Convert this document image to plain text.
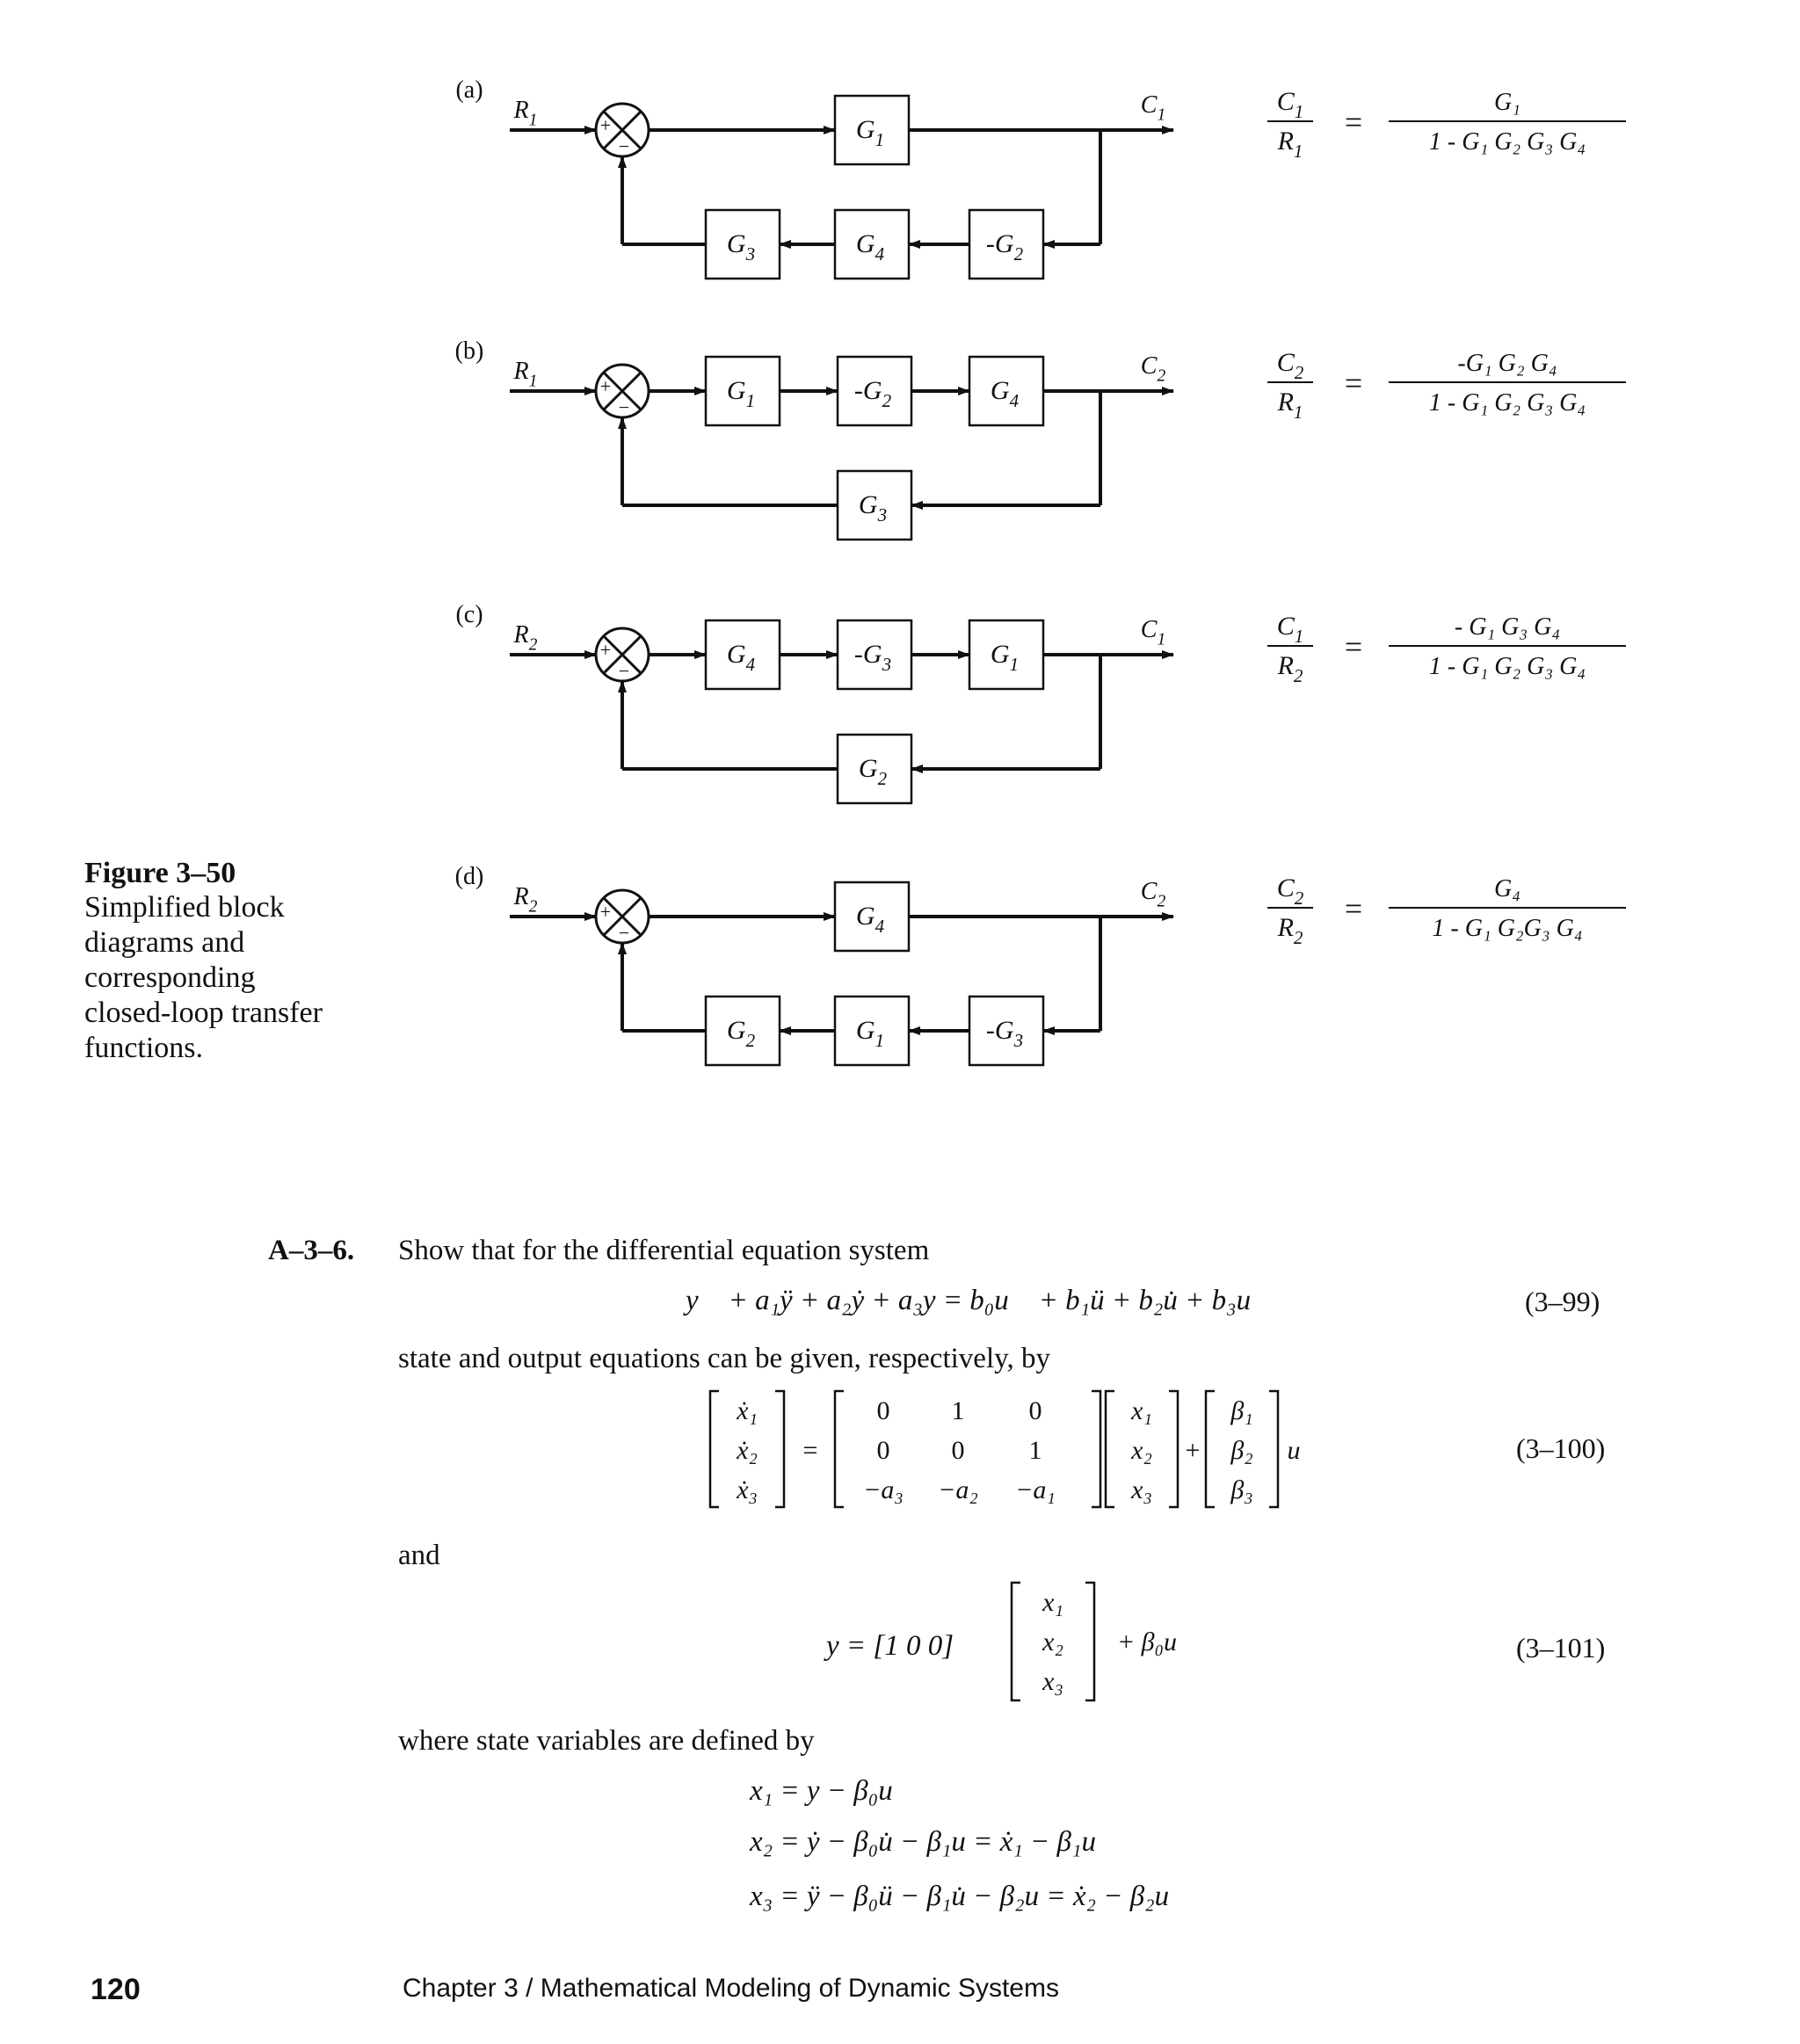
(a)
$R_1$	+
−
$G_1$
$C_1$
$-G_2$
$G_4$
$G_3$
$C_1$
$R_1$
=
G₁
1 - G₁ G₂ G₃ G₄
(b)
$R_1$	+
−
$G_1$	$-G_2$	$G_4$
$C_2$
$G_3$
$C_2$
$R_1$
=
-G₁ G₂ G₄
1 - G₁ G₂ G₃ G₄
(c)
$R_2$	+
−
$G_4$	$-G_3$	$G_1$
$C_1$
$G_2$
$C_1$
$R_2$
=
- G₁ G₃ G₄
1 - G₁ G₂ G₃ G₄
(d)
$R_2$	+
−
$G_4$
$C_2$
$-G_3$
$G_1$
$G_2$
$C_2$
$R_2$
=
G₄
1 - G₁ G₂G₃ G₄
Figure 3–50
Simplified block
diagrams and
corresponding
closed-loop transfer
functions.
A–3–6. Show that for the differential equation system
y⃛ + a₁ÿ + a₂ẏ + a₃y = b₀u⃛ + b₁ü + b₂u̇ + b₃u	(3–99)
state and output equations can be given, respectively, by
ẋ₁
ẋ₂
ẋ₃
=
0 1 0
0 0 1
−a₃ −a₂ −a₁
x₁
x₂
x₃
+
β₁
β₂
β₃
u	(3–100)
and
y = [1 0 0]
x₁
x₂
x₃
+ β₀u	(3–101)
where state variables are defined by
x₁ = y − β₀u
x₂ = ẏ − β₀u̇ − β₁u = ẋ₁ − β₁u
x₃ = ÿ − β₀ü − β₁u̇ − β₂u = ẋ₂ − β₂u
120	Chapter 3 / Mathematical Modeling of Dynamic Systems
